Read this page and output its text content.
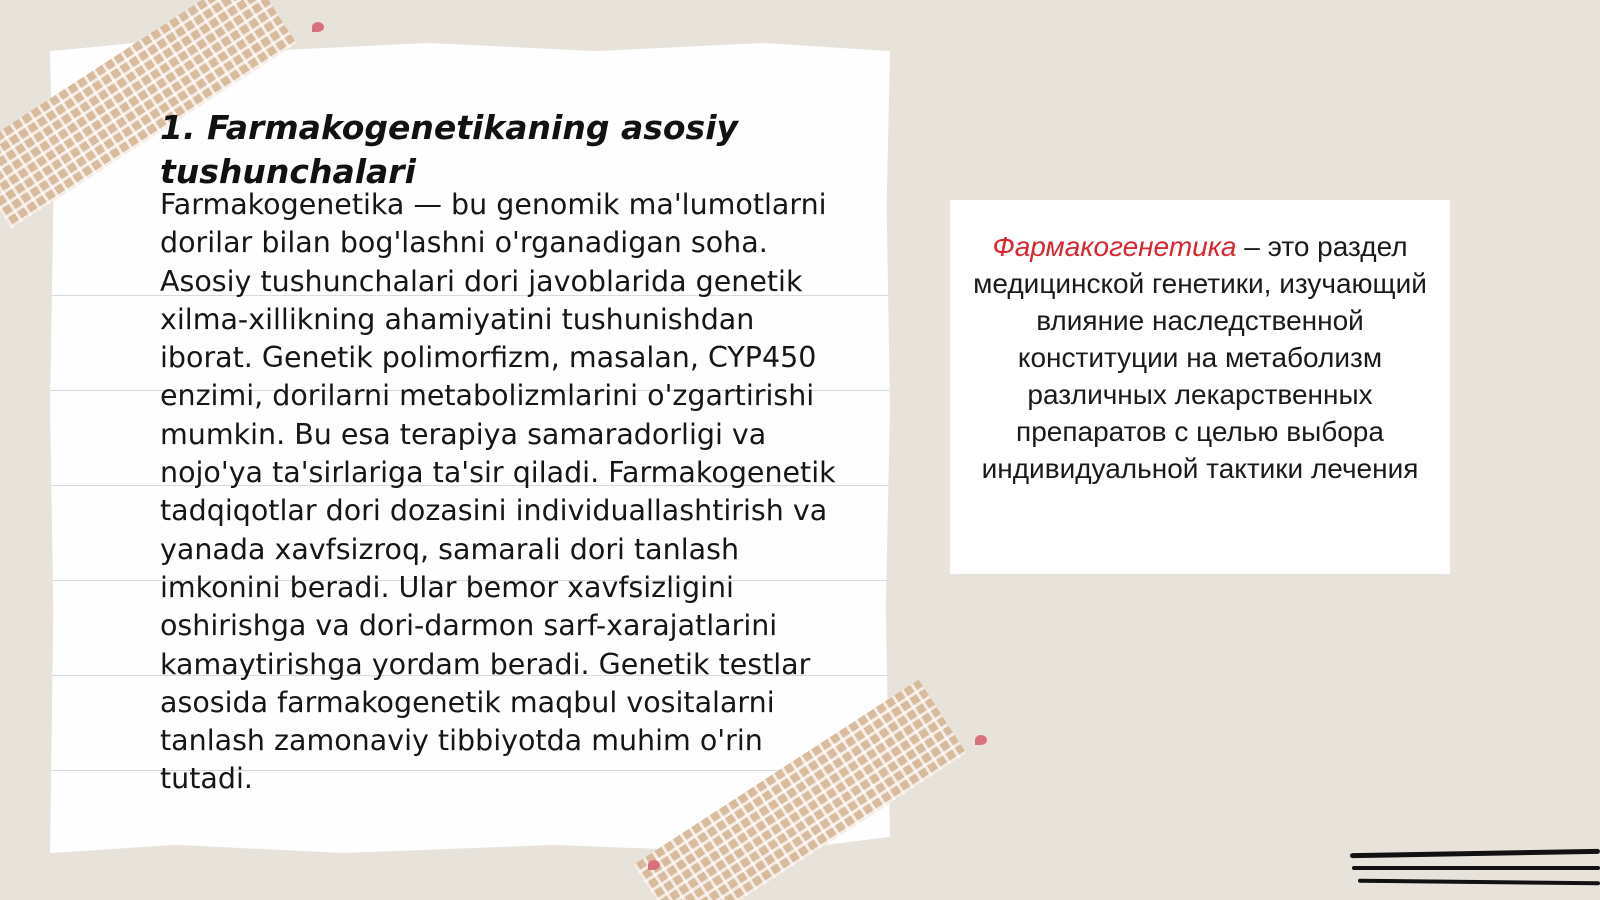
1. Farmakogenetikaning asosiy tushunchalari

Farmakogenetika — bu genomik ma'lumotlarni dorilar bilan bog'lashni o'rganadigan soha. Asosiy tushunchalari dori javoblarida genetik xilma-xillikning ahamiyatini tushunishdan iborat. Genetik polimorfizm, masalan, CYP450 enzimi, dorilarni metabolizmlarini o'zgartirishi mumkin. Bu esa terapiya samaradorligi va nojo'ya ta'sirlariga ta'sir qiladi. Farmakogenetik tadqiqotlar dori dozasini individuallashtirish va yanada xavfsizroq, samarali dori tanlash imkonini beradi. Ular bemor xavfsizligini oshirishga va dori-darmon sarf-xarajatlarini kamaytirishga yordam beradi. Genetik testlar asosida farmakogenetik maqbul vositalarni tanlash zamonaviy tibbiyotda muhim o'rin tutadi.

Фармакогенетика – это раздел медицинской генетики, изучающий влияние наследственной конституции на метаболизм различных лекарственных препаратов с целью выбора индивидуальной тактики лечения
